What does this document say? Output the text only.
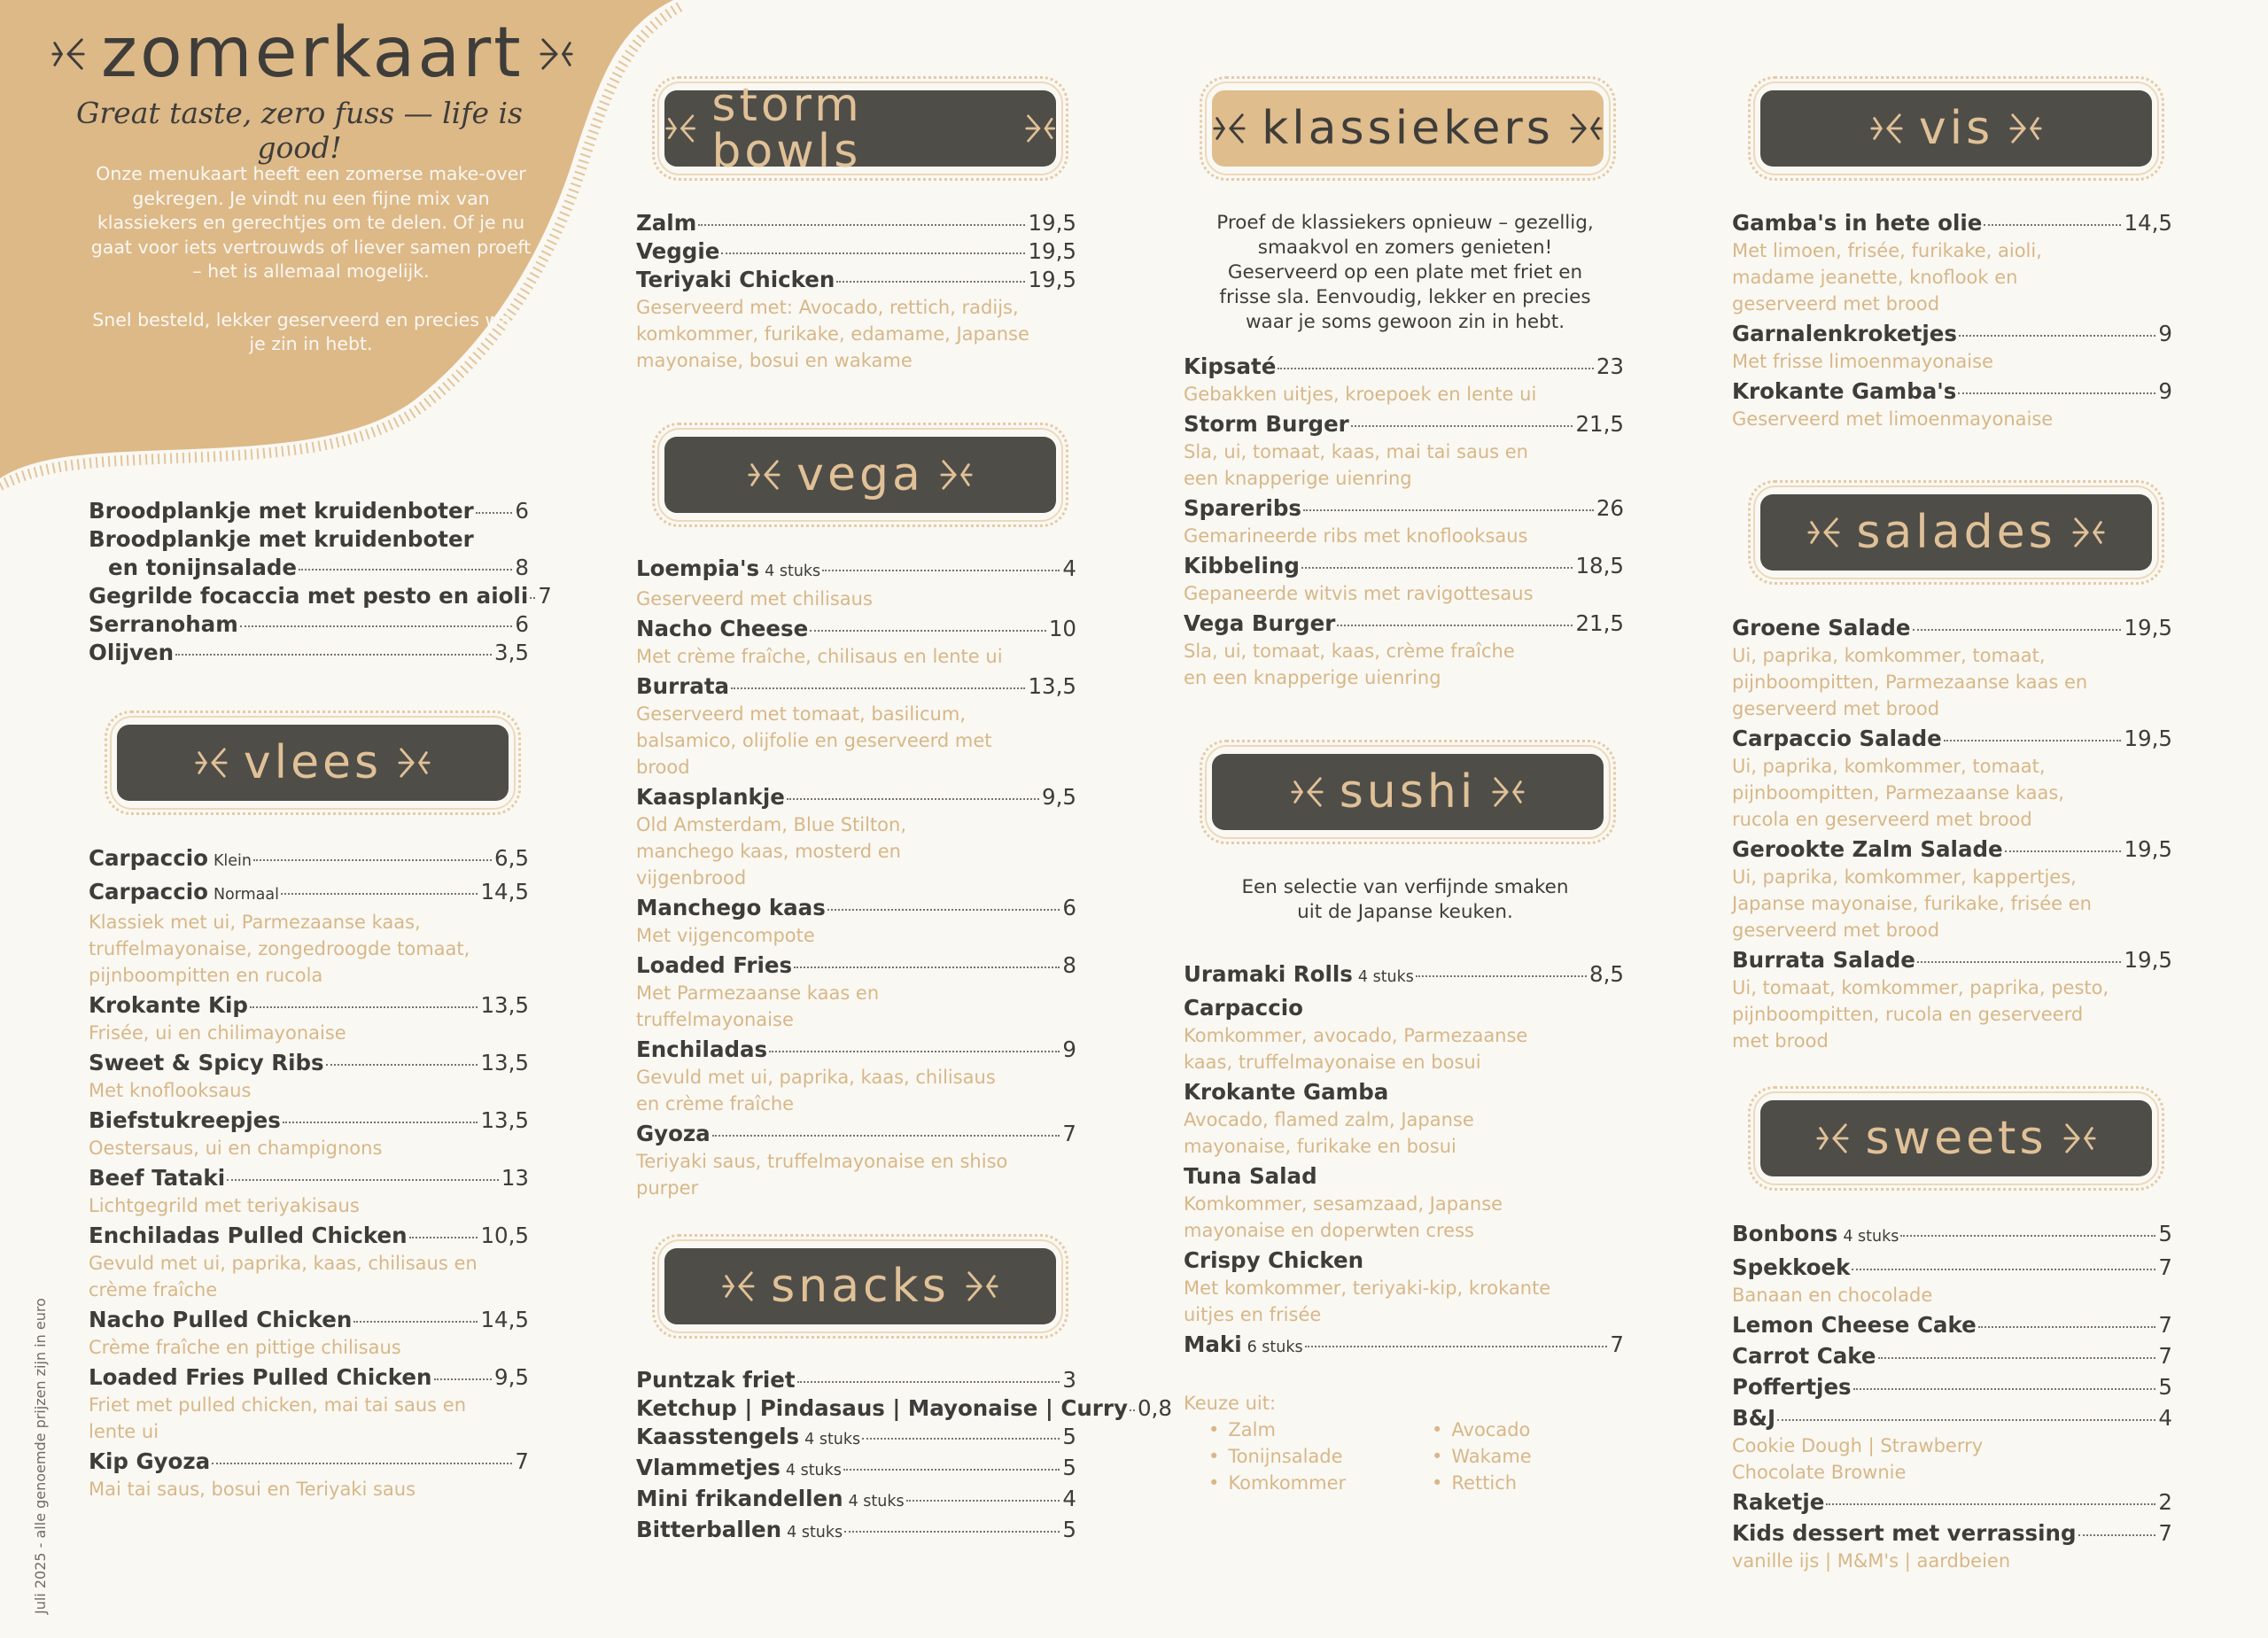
zomerkaart
Great taste, zero fuss — life is good!

Onze menukaart heeft een zomerse make-over gekregen. Je vindt nu een fijne mix van klassiekers en gerechtjes om te delen. Of je nu gaat voor iets vertrouwds of liever samen proeft – het is allemaal mogelijk.

Snel besteld, lekker geserveerd en precies waar je zin in hebt.

Broodplankje met kruidenboter 6
Broodplankje met kruidenboter
en tonijnsalade	8
Gegrilde focaccia met pesto en aioli 7
Serranoham	6
Olijven	3,5
vlees
Carpaccio Klein	6,5
Carpaccio Normaal	14,5
Klassiek met ui, Parmezaanse kaas, truffelmayonaise, zongedroogde tomaat, pijnboompitten en rucola
Krokante Kip	13,5
Frisée, ui en chilimayonaise
Sweet & Spicy Ribs	13,5
Met knoflooksaus
Biefstukreepjes	13,5
Oestersaus, ui en champignons
Beef Tataki	13
Lichtgegrild met teriyakisaus
Enchiladas Pulled Chicken	10,5
Gevuld met ui, paprika, kaas, chilisaus en crème fraîche
Nacho Pulled Chicken	14,5
Crème fraîche en pittige chilisaus
Loaded Fries Pulled Chicken	9,5
Friet met pulled chicken, mai tai saus en lente ui
Kip Gyoza	7
Mai tai saus, bosui en Teriyaki saus
storm bowls
Zalm	19,5
Veggie	19,5
Teriyaki Chicken	19,5
Geserveerd met: Avocado, rettich, radijs, komkommer, furikake, edamame, Japanse mayonaise, bosui en wakame
vega
Loempia's 4 stuks	4
Geserveerd met chilisaus
Nacho Cheese	10
Met crème fraîche, chilisaus en lente ui
Burrata	13,5
Geserveerd met tomaat, basilicum, balsamico, olijfolie en geserveerd met brood
Kaasplankje	9,5
Old Amsterdam, Blue Stilton, manchego kaas, mosterd en vijgenbrood
Manchego kaas	6
Met vijgencompote
Loaded Fries	8
Met Parmezaanse kaas en truffelmayonaise
Enchiladas	9
Gevuld met ui, paprika, kaas, chilisaus en crème fraîche
Gyoza	7
Teriyaki saus, truffelmayonaise en shiso purper
snacks
Puntzak friet	3
Ketchup | Pindasaus | Mayonaise | Curry 0,8
Kaasstengels 4 stuks	5
Vlammetjes 4 stuks	5
Mini frikandellen 4 stuks	4
Bitterballen 4 stuks	5
klassiekers
Proef de klassiekers opnieuw – gezellig, smaakvol en zomers genieten! Geserveerd op een plate met friet en frisse sla. Eenvoudig, lekker en precies waar je soms gewoon zin in hebt.
Kipsaté	23
Gebakken uitjes, kroepoek en lente ui
Storm Burger	21,5
Sla, ui, tomaat, kaas, mai tai saus en een knapperige uienring
Spareribs	26
Gemarineerde ribs met knoflooksaus
Kibbeling	18,5
Gepaneerde witvis met ravigottesaus
Vega Burger	21,5
Sla, ui, tomaat, kaas, crème fraîche en een knapperige uienring
sushi
Een selectie van verfijnde smaken uit de Japanse keuken.
Uramaki Rolls 4 stuks	8,5
Carpaccio
Komkommer, avocado, Parmezaanse kaas, truffelmayonaise en bosui
Krokante Gamba
Avocado, flamed zalm, Japanse mayonaise, furikake en bosui
Tuna Salad
Komkommer, sesamzaad, Japanse mayonaise en doperwten cress
Crispy Chicken
Met komkommer, teriyaki-kip, krokante uitjes en frisée
Maki 6 stuks	7
Keuze uit:
• Zalm
• Tonijnsalade
• Komkommer
• Avocado
• Wakame
• Rettich
vis
Gamba's in hete olie	14,5
Met limoen, frisée, furikake, aioli, madame jeanette, knoflook en geserveerd met brood
Garnalenkroketjes	9
Met frisse limoenmayonaise
Krokante Gamba's	9
Geserveerd met limoenmayonaise
salades
Groene Salade	19,5
Ui, paprika, komkommer, tomaat, pijnboompitten, Parmezaanse kaas en geserveerd met brood
Carpaccio Salade	19,5
Ui, paprika, komkommer, tomaat, pijnboompitten, Parmezaanse kaas, rucola en geserveerd met brood
Gerookte Zalm Salade	19,5
Ui, paprika, komkommer, kappertjes, Japanse mayonaise, furikake, frisée en geserveerd met brood
Burrata Salade	19,5
Ui, tomaat, komkommer, paprika, pesto, pijnboompitten, rucola en geserveerd met brood
sweets
Bonbons 4 stuks	5
Spekkoek	7
Banaan en chocolade
Lemon Cheese Cake	7
Carrot Cake	7
Poffertjes	5
B&J	4
Cookie Dough | Strawberry Chocolate Brownie
Raketje	2
Kids dessert met verrassing	7
vanille ijs | M&M's | aardbeien
Juli 2025 - alle genoemde prijzen zijn in euro
